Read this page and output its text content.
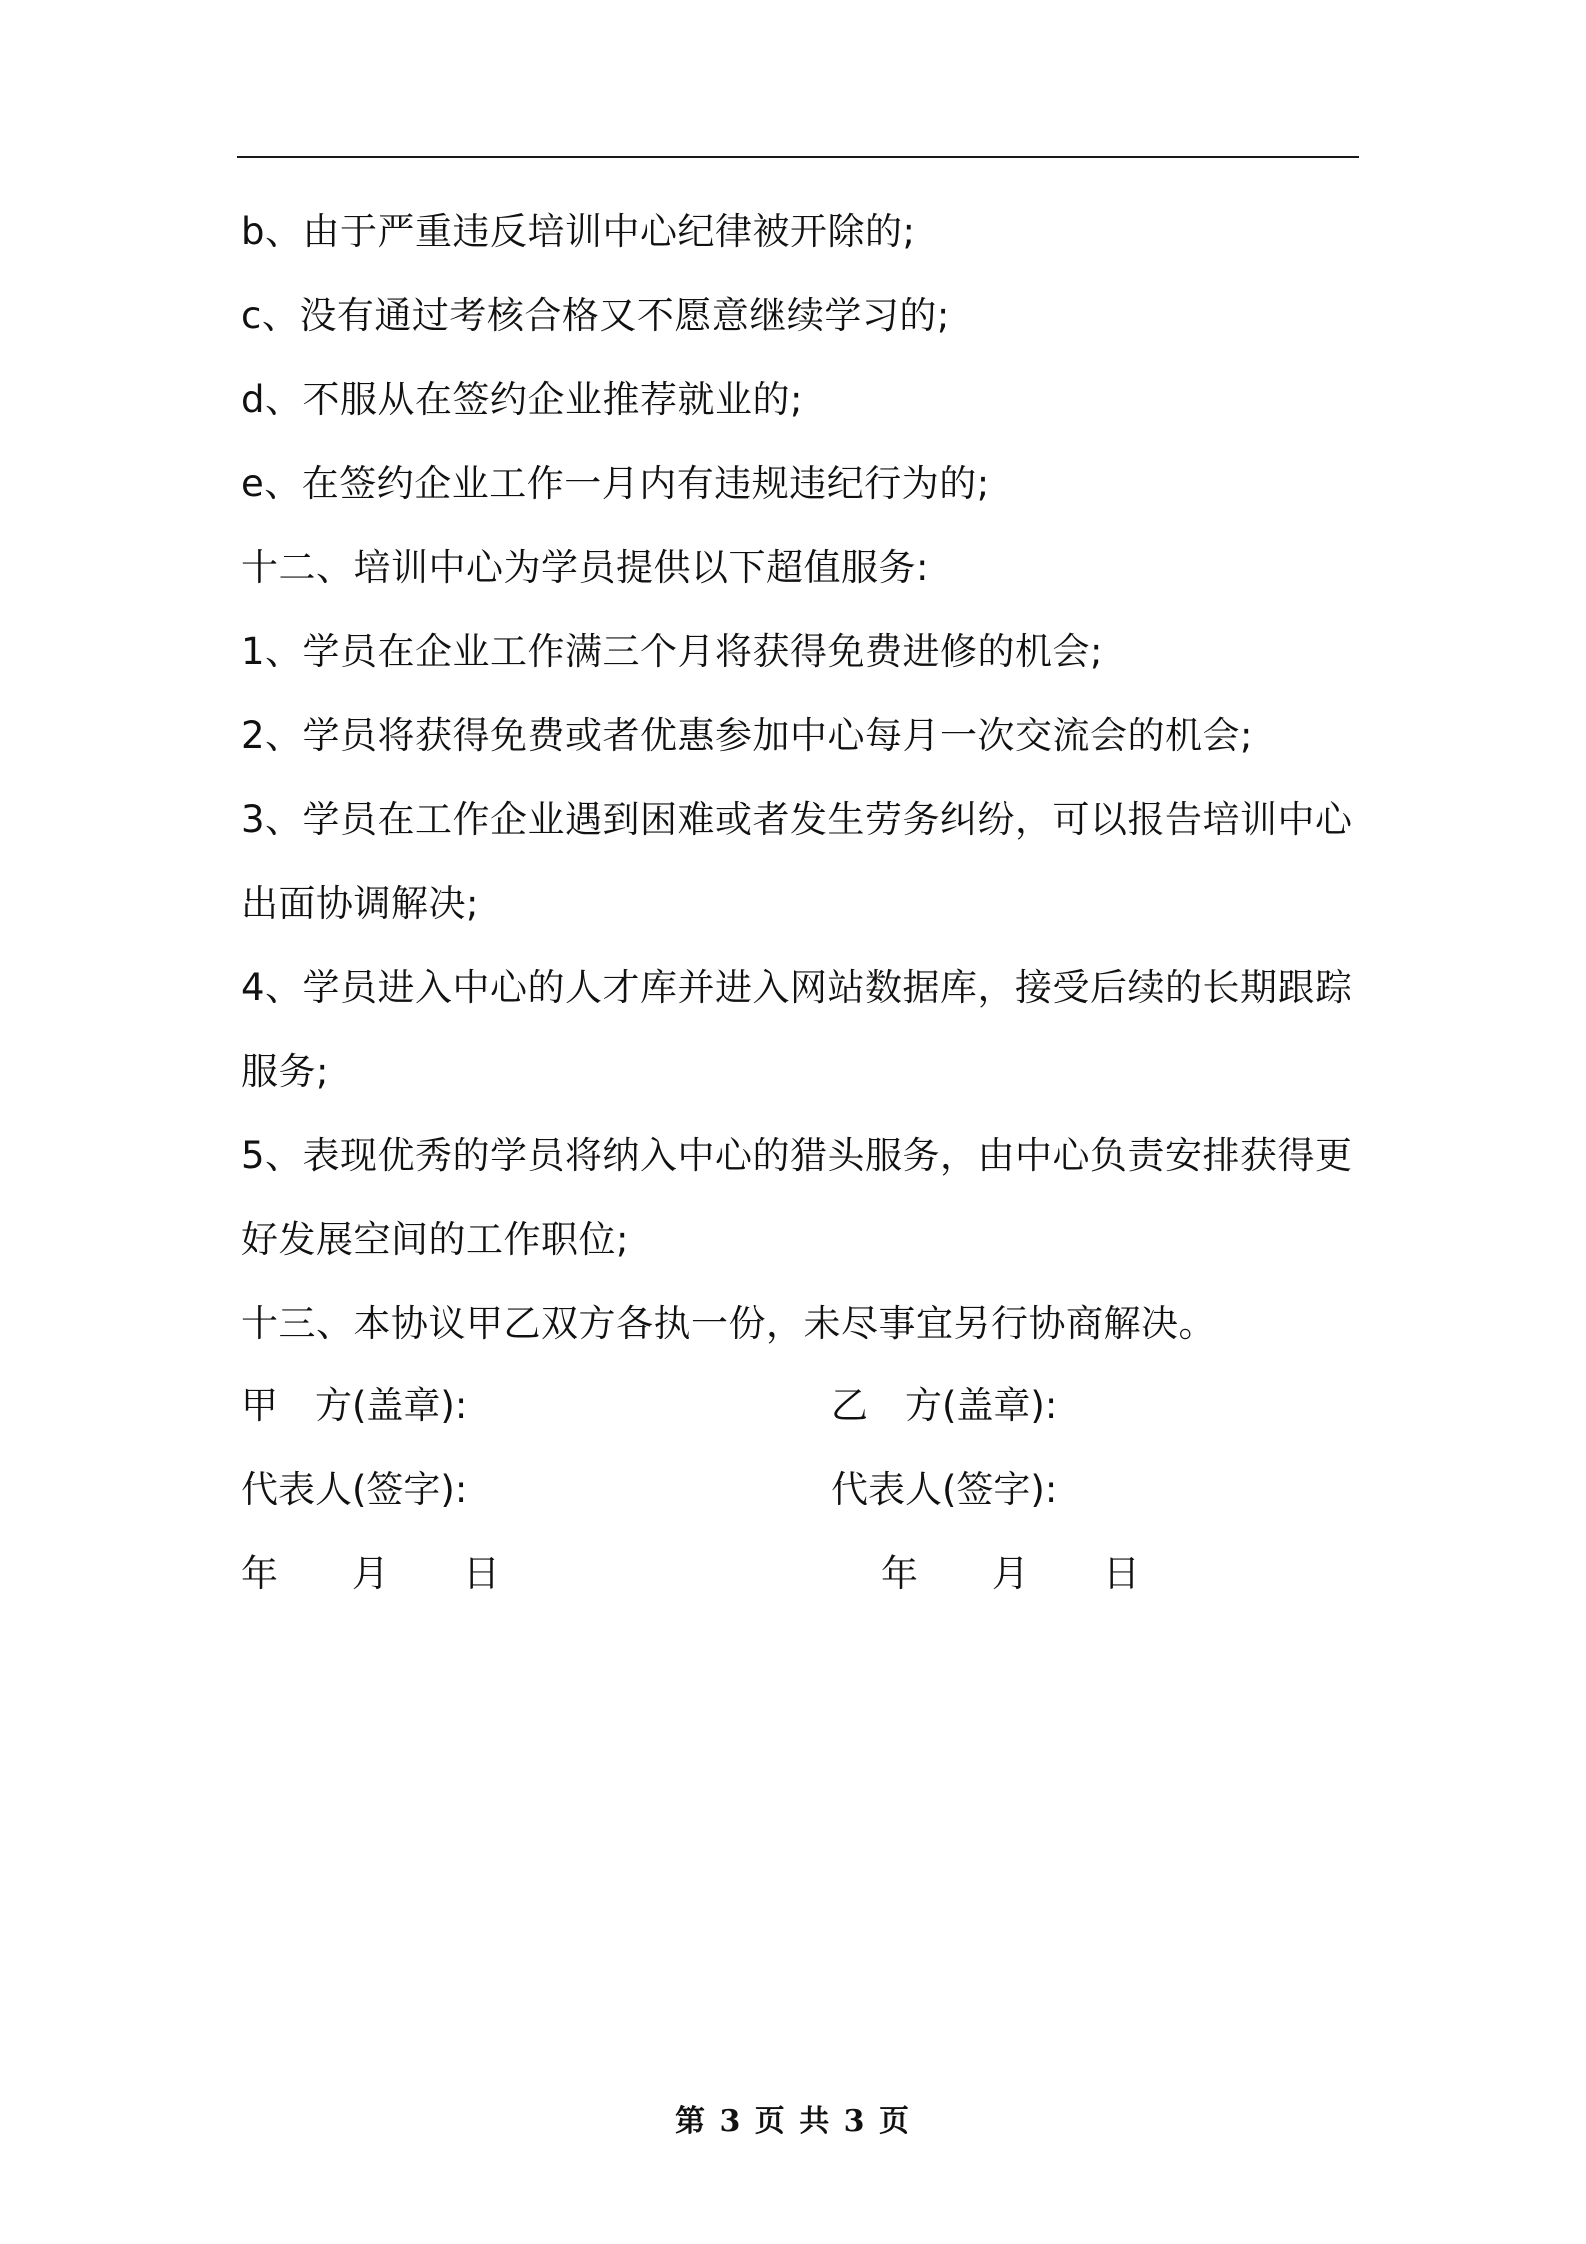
b、由于严重违反培训中心纪律被开除的;
c、没有通过考核合格又不愿意继续学习的;
d、不服从在签约企业推荐就业的;
e、在签约企业工作一月内有违规违纪行为的;
十二、培训中心为学员提供以下超值服务:
1、学员在企业工作满三个月将获得免费进修的机会;
2、学员将获得免费或者优惠参加中心每月一次交流会的机会;
3、学员在工作企业遇到困难或者发生劳务纠纷，可以报告培训中心
出面协调解决;
4、学员进入中心的人才库并进入网站数据库，接受后续的长期跟踪
服务;
5、表现优秀的学员将纳入中心的猎头服务，由中心负责安排获得更
好发展空间的工作职位;
十三、本协议甲乙双方各执一份，未尽事宜另行协商解决。
甲　方(盖章):	乙　方(盖章):
代表人(签字):	代表人(签字):
年　　月　　日	年　　月　　日
第 3 页 共 3 页
